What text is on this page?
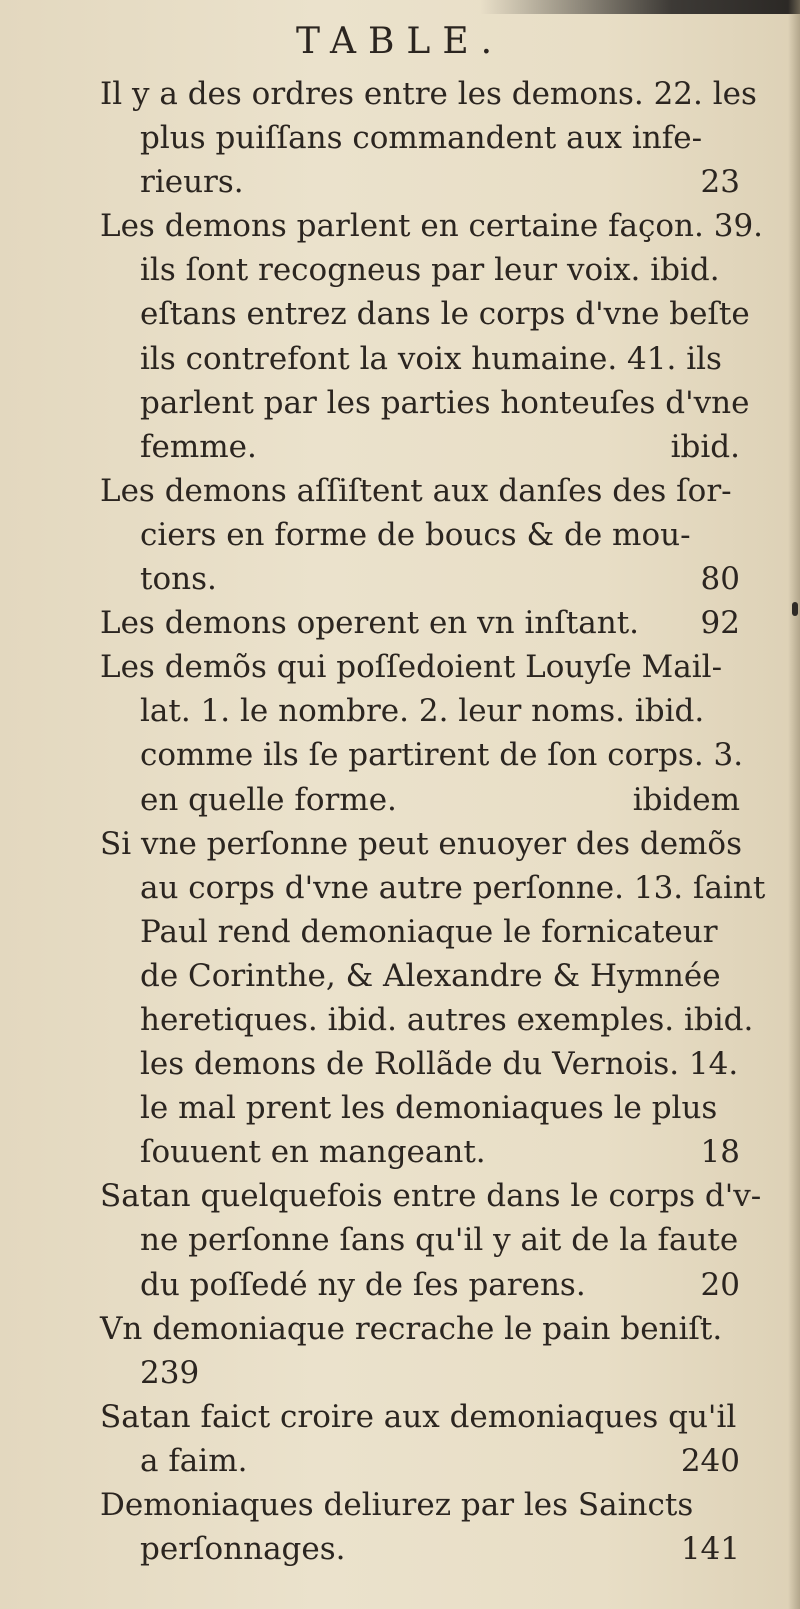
TABLE.
Il y a des ordres entre les demons. 22. les
plus puiſſans commandent aux infe-
rieurs.	23
Les demons parlent en certaine façon. 39.
ils ſont recogneus par leur voix. ibid.
eſtans entrez dans le corps d'vne beſte
ils contrefont la voix humaine. 41. ils
parlent par les parties honteuſes d'vne
femme.	ibid.
Les demons aſſiſtent aux danſes des ſor-
ciers en forme de boucs & de mou-
tons.	80
Les demons operent en vn inſtant.	92
Les demõs qui poſſedoient Louyſe Mail-
lat. 1. le nombre. 2. leur noms. ibid.
comme ils ſe partirent de ſon corps. 3.
en quelle forme.	ibidem
Si vne perſonne peut enuoyer des demõs
au corps d'vne autre perſonne. 13. ſaint
Paul rend demoniaque le fornicateur
de Corinthe, & Alexandre & Hymnée
heretiques. ibid. autres exemples. ibid.
les demons de Rollãde du Vernois. 14.
le mal prent les demoniaques le plus
ſouuent en mangeant.	18
Satan quelquefois entre dans le corps d'v-
ne perſonne ſans qu'il y ait de la faute
du poſſedé ny de ſes parens.	20
Vn demoniaque recrache le pain beniſt.
239
Satan faict croire aux demoniaques qu'il
a faim.	240
Demoniaques deliurez par les Saincts
perſonnages.	141
